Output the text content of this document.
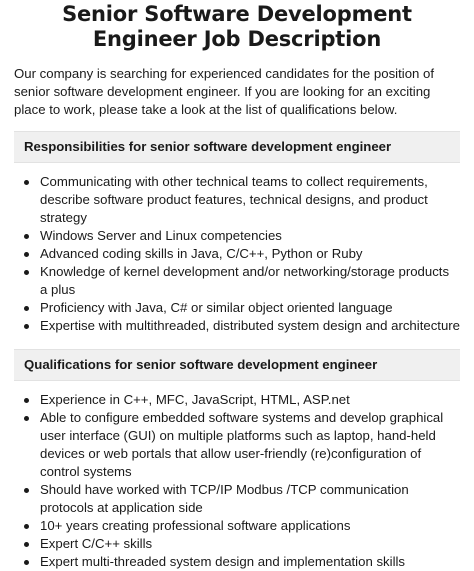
Senior Software Development Engineer Job Description

Our company is searching for experienced candidates for the position of senior software development engineer. If you are looking for an exciting place to work, please take a look at the list of qualifications below.

Responsibilities for senior software development engineer
Communicating with other technical teams to collect requirements, describe software product features, technical designs, and product strategy
Windows Server and Linux competencies
Advanced coding skills in Java, C/C++, Python or Ruby
Knowledge of kernel development and/or networking/storage products a plus
Proficiency with Java, C# or similar object oriented language
Expertise with multithreaded, distributed system design and architecture
Qualifications for senior software development engineer
Experience in C++, MFC, JavaScript, HTML, ASP.net
Able to configure embedded software systems and develop graphical user interface (GUI) on multiple platforms such as laptop, hand-held devices or web portals that allow user-friendly (re)configuration of control systems
Should have worked with TCP/IP Modbus /TCP communication protocols at application side
10+ years creating professional software applications
Expert C/C++ skills
Expert multi-threaded system design and implementation skills
